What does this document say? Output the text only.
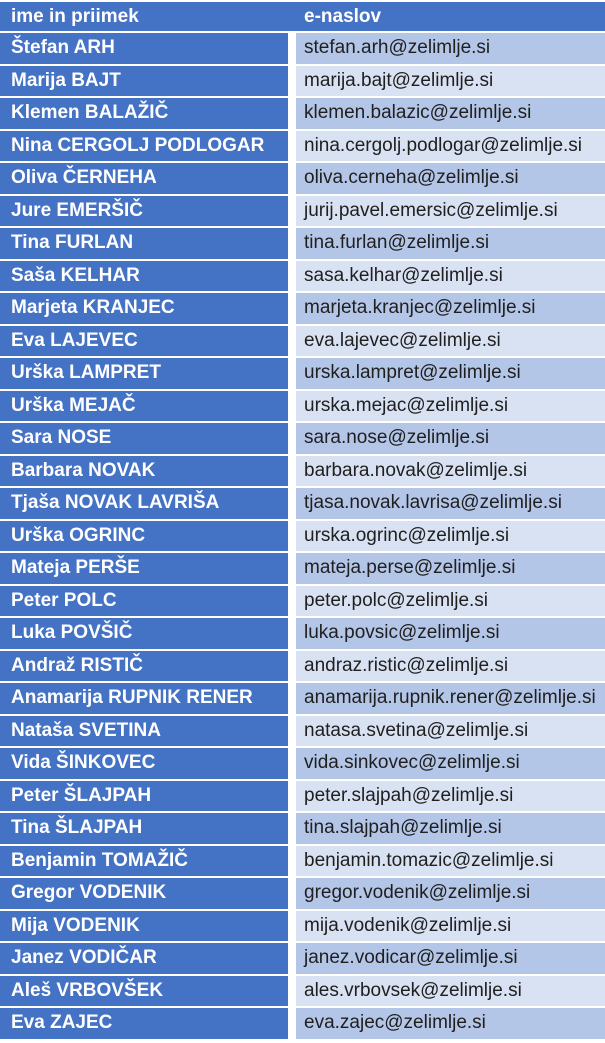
ime in priimek	e-naslov
Štefan ARH	stefan.arh@zelimlje.si
Marija BAJT	marija.bajt@zelimlje.si
Klemen BALAŽIČ	klemen.balazic@zelimlje.si
Nina CERGOLJ PODLOGAR	nina.cergolj.podlogar@zelimlje.si
Oliva ČERNEHA	oliva.cerneha@zelimlje.si
Jure EMERŠIČ	jurij.pavel.emersic@zelimlje.si
Tina FURLAN	tina.furlan@zelimlje.si
Saša KELHAR	sasa.kelhar@zelimlje.si
Marjeta KRANJEC	marjeta.kranjec@zelimlje.si
Eva LAJEVEC	eva.lajevec@zelimlje.si
Urška LAMPRET	urska.lampret@zelimlje.si
Urška MEJAČ	urska.mejac@zelimlje.si
Sara NOSE	sara.nose@zelimlje.si
Barbara NOVAK	barbara.novak@zelimlje.si
Tjaša NOVAK LAVRIŠA	tjasa.novak.lavrisa@zelimlje.si
Urška OGRINC	urska.ogrinc@zelimlje.si
Mateja PERŠE	mateja.perse@zelimlje.si
Peter POLC	peter.polc@zelimlje.si
Luka POVŠIČ	luka.povsic@zelimlje.si
Andraž RISTIČ	andraz.ristic@zelimlje.si
Anamarija RUPNIK RENER	anamarija.rupnik.rener@zelimlje.si
Nataša SVETINA	natasa.svetina@zelimlje.si
Vida ŠINKOVEC	vida.sinkovec@zelimlje.si
Peter ŠLAJPAH	peter.slajpah@zelimlje.si
Tina ŠLAJPAH	tina.slajpah@zelimlje.si
Benjamin TOMAŽIČ	benjamin.tomazic@zelimlje.si
Gregor VODENIK	gregor.vodenik@zelimlje.si
Mija VODENIK	mija.vodenik@zelimlje.si
Janez VODIČAR	janez.vodicar@zelimlje.si
Aleš VRBOVŠEK	ales.vrbovsek@zelimlje.si
Eva ZAJEC	eva.zajec@zelimlje.si
